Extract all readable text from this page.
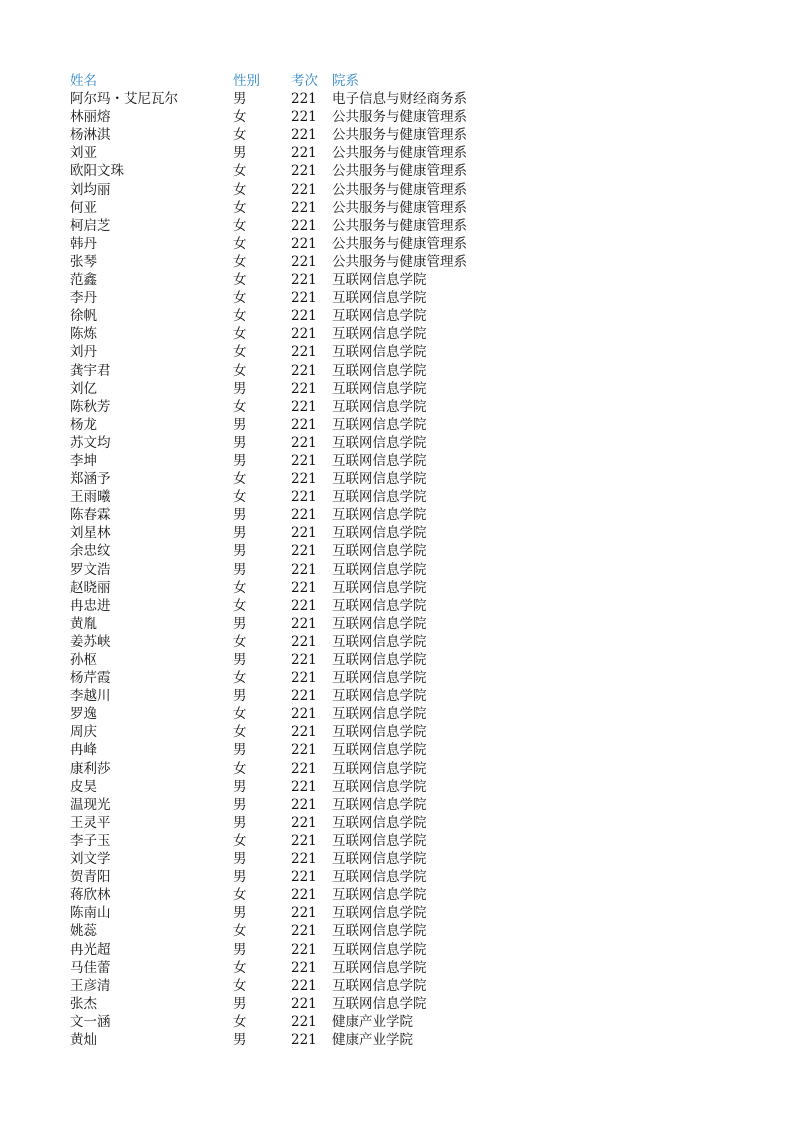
姓名	性别	考次	院系
阿尔玛・艾尼瓦尔	男	221	电子信息与财经商务系
林丽熔	女	221	公共服务与健康管理系
杨淋淇	女	221	公共服务与健康管理系
刘亚	男	221	公共服务与健康管理系
欧阳文珠	女	221	公共服务与健康管理系
刘均丽	女	221	公共服务与健康管理系
何亚	女	221	公共服务与健康管理系
柯启芝	女	221	公共服务与健康管理系
韩丹	女	221	公共服务与健康管理系
张琴	女	221	公共服务与健康管理系
范鑫	女	221	互联网信息学院
李丹	女	221	互联网信息学院
徐帆	女	221	互联网信息学院
陈炼	女	221	互联网信息学院
刘丹	女	221	互联网信息学院
龚宇君	女	221	互联网信息学院
刘亿	男	221	互联网信息学院
陈秋芳	女	221	互联网信息学院
杨龙	男	221	互联网信息学院
苏文均	男	221	互联网信息学院
李坤	男	221	互联网信息学院
郑涵予	女	221	互联网信息学院
王雨曦	女	221	互联网信息学院
陈春霖	男	221	互联网信息学院
刘星林	男	221	互联网信息学院
余忠纹	男	221	互联网信息学院
罗文浩	男	221	互联网信息学院
赵晓丽	女	221	互联网信息学院
冉忠进	女	221	互联网信息学院
黄胤	男	221	互联网信息学院
姜苏峡	女	221	互联网信息学院
孙枢	男	221	互联网信息学院
杨芹霞	女	221	互联网信息学院
李越川	男	221	互联网信息学院
罗逸	女	221	互联网信息学院
周庆	女	221	互联网信息学院
冉峰	男	221	互联网信息学院
康利莎	女	221	互联网信息学院
皮昊	男	221	互联网信息学院
温现光	男	221	互联网信息学院
王灵平	男	221	互联网信息学院
李子玉	女	221	互联网信息学院
刘文学	男	221	互联网信息学院
贺青阳	男	221	互联网信息学院
蒋欣林	女	221	互联网信息学院
陈南山	男	221	互联网信息学院
姚蕊	女	221	互联网信息学院
冉光超	男	221	互联网信息学院
马佳蕾	女	221	互联网信息学院
王彦清	女	221	互联网信息学院
张杰	男	221	互联网信息学院
文一涵	女	221	健康产业学院
黄灿	男	221	健康产业学院
